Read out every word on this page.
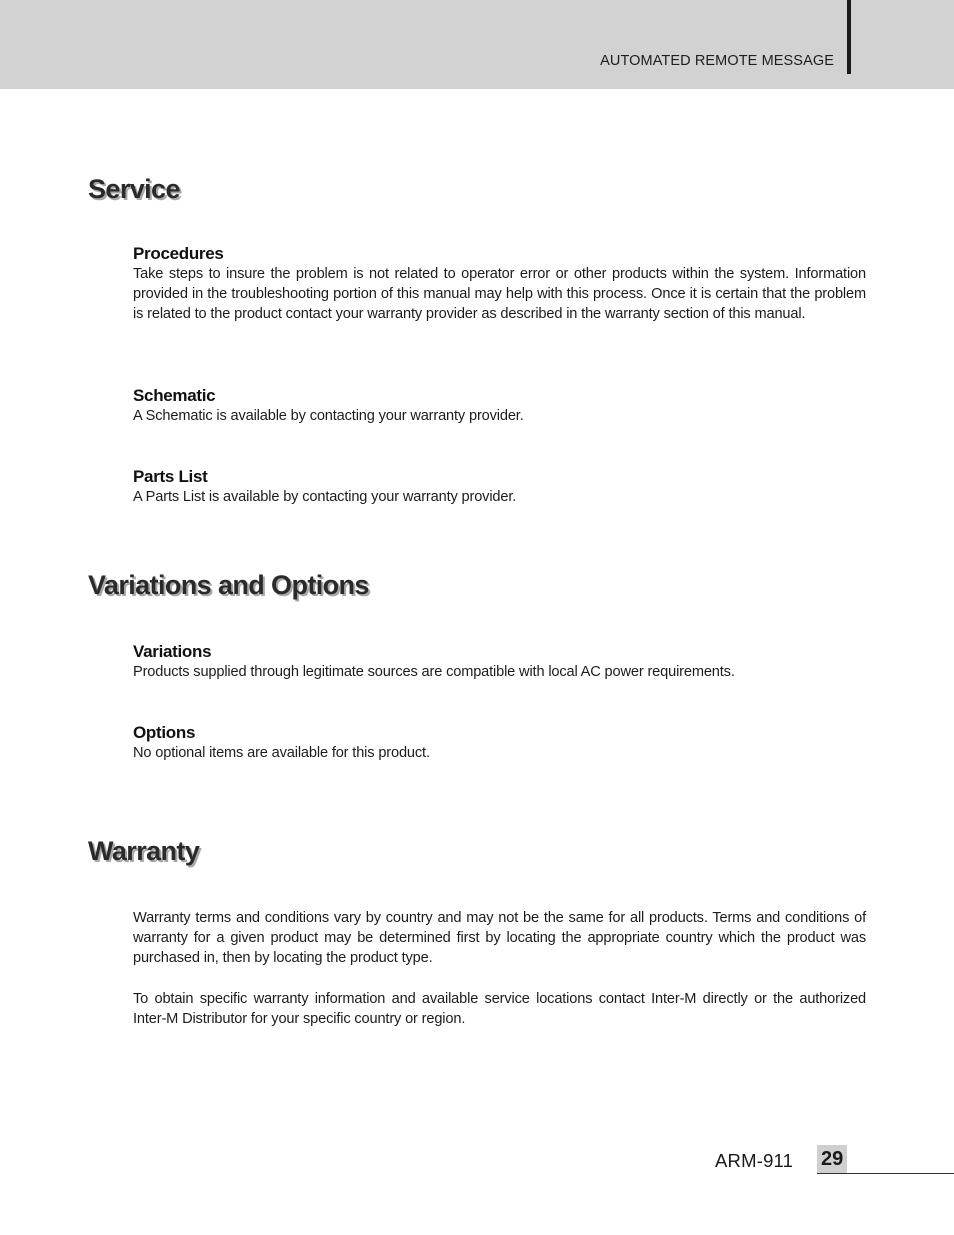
AUTOMATED REMOTE MESSAGE
Service
Procedures

Take steps to insure the problem is not related to operator error or other products within the system. Information provided in the troubleshooting portion of this manual may help with this process. Once it is certain that the problem is related to the product contact your warranty provider as described in the warranty section of this manual.

Schematic

A Schematic is available by contacting your warranty provider.

Parts List

A Parts List is available by contacting your warranty provider.

Variations and Options
Variations

Products supplied through legitimate sources are compatible with local AC power requirements.

Options

No optional items are available for this product.

Warranty

Warranty terms and conditions vary by country and may not be the same for all products. Terms and conditions of warranty for a given product may be determined first by locating the appropriate country which the product was purchased in, then by locating the product type.

To obtain specific warranty information and available service locations contact Inter-M directly or the authorized Inter-M Distributor for your specific country or region.

ARM-911 29
